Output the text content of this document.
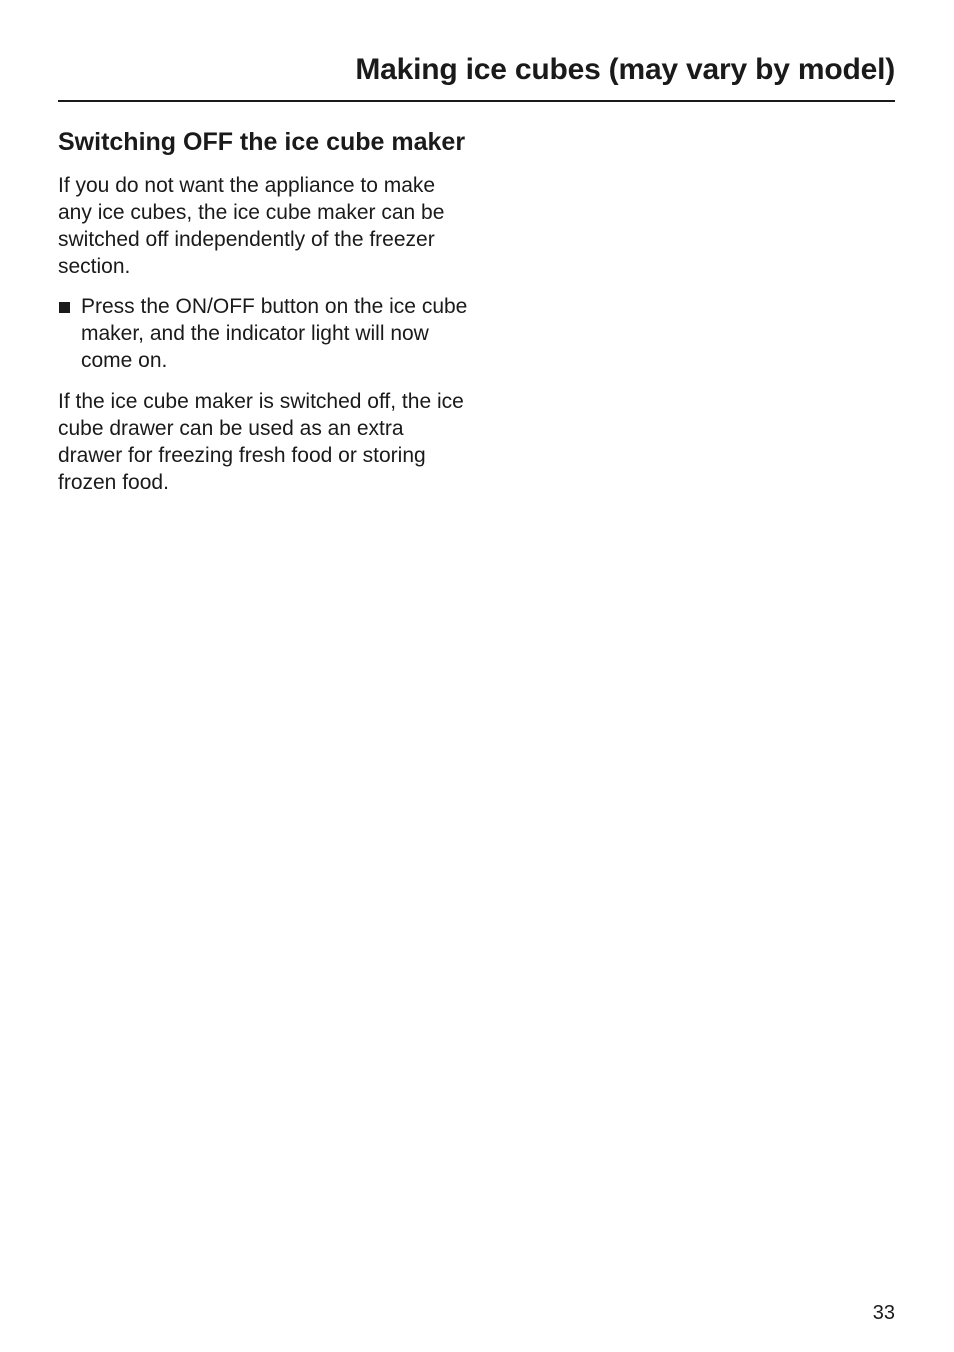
Making ice cubes (may vary by model)
Switching OFF the ice cube maker

If you do not want the appliance to make any ice cubes, the ice cube maker can be switched off independently of the freezer section.

Press the ON/OFF button on the ice cube maker, and the indicator light will now come on.

If the ice cube maker is switched off, the ice cube drawer can be used as an extra drawer for freezing fresh food or storing frozen food.

33
